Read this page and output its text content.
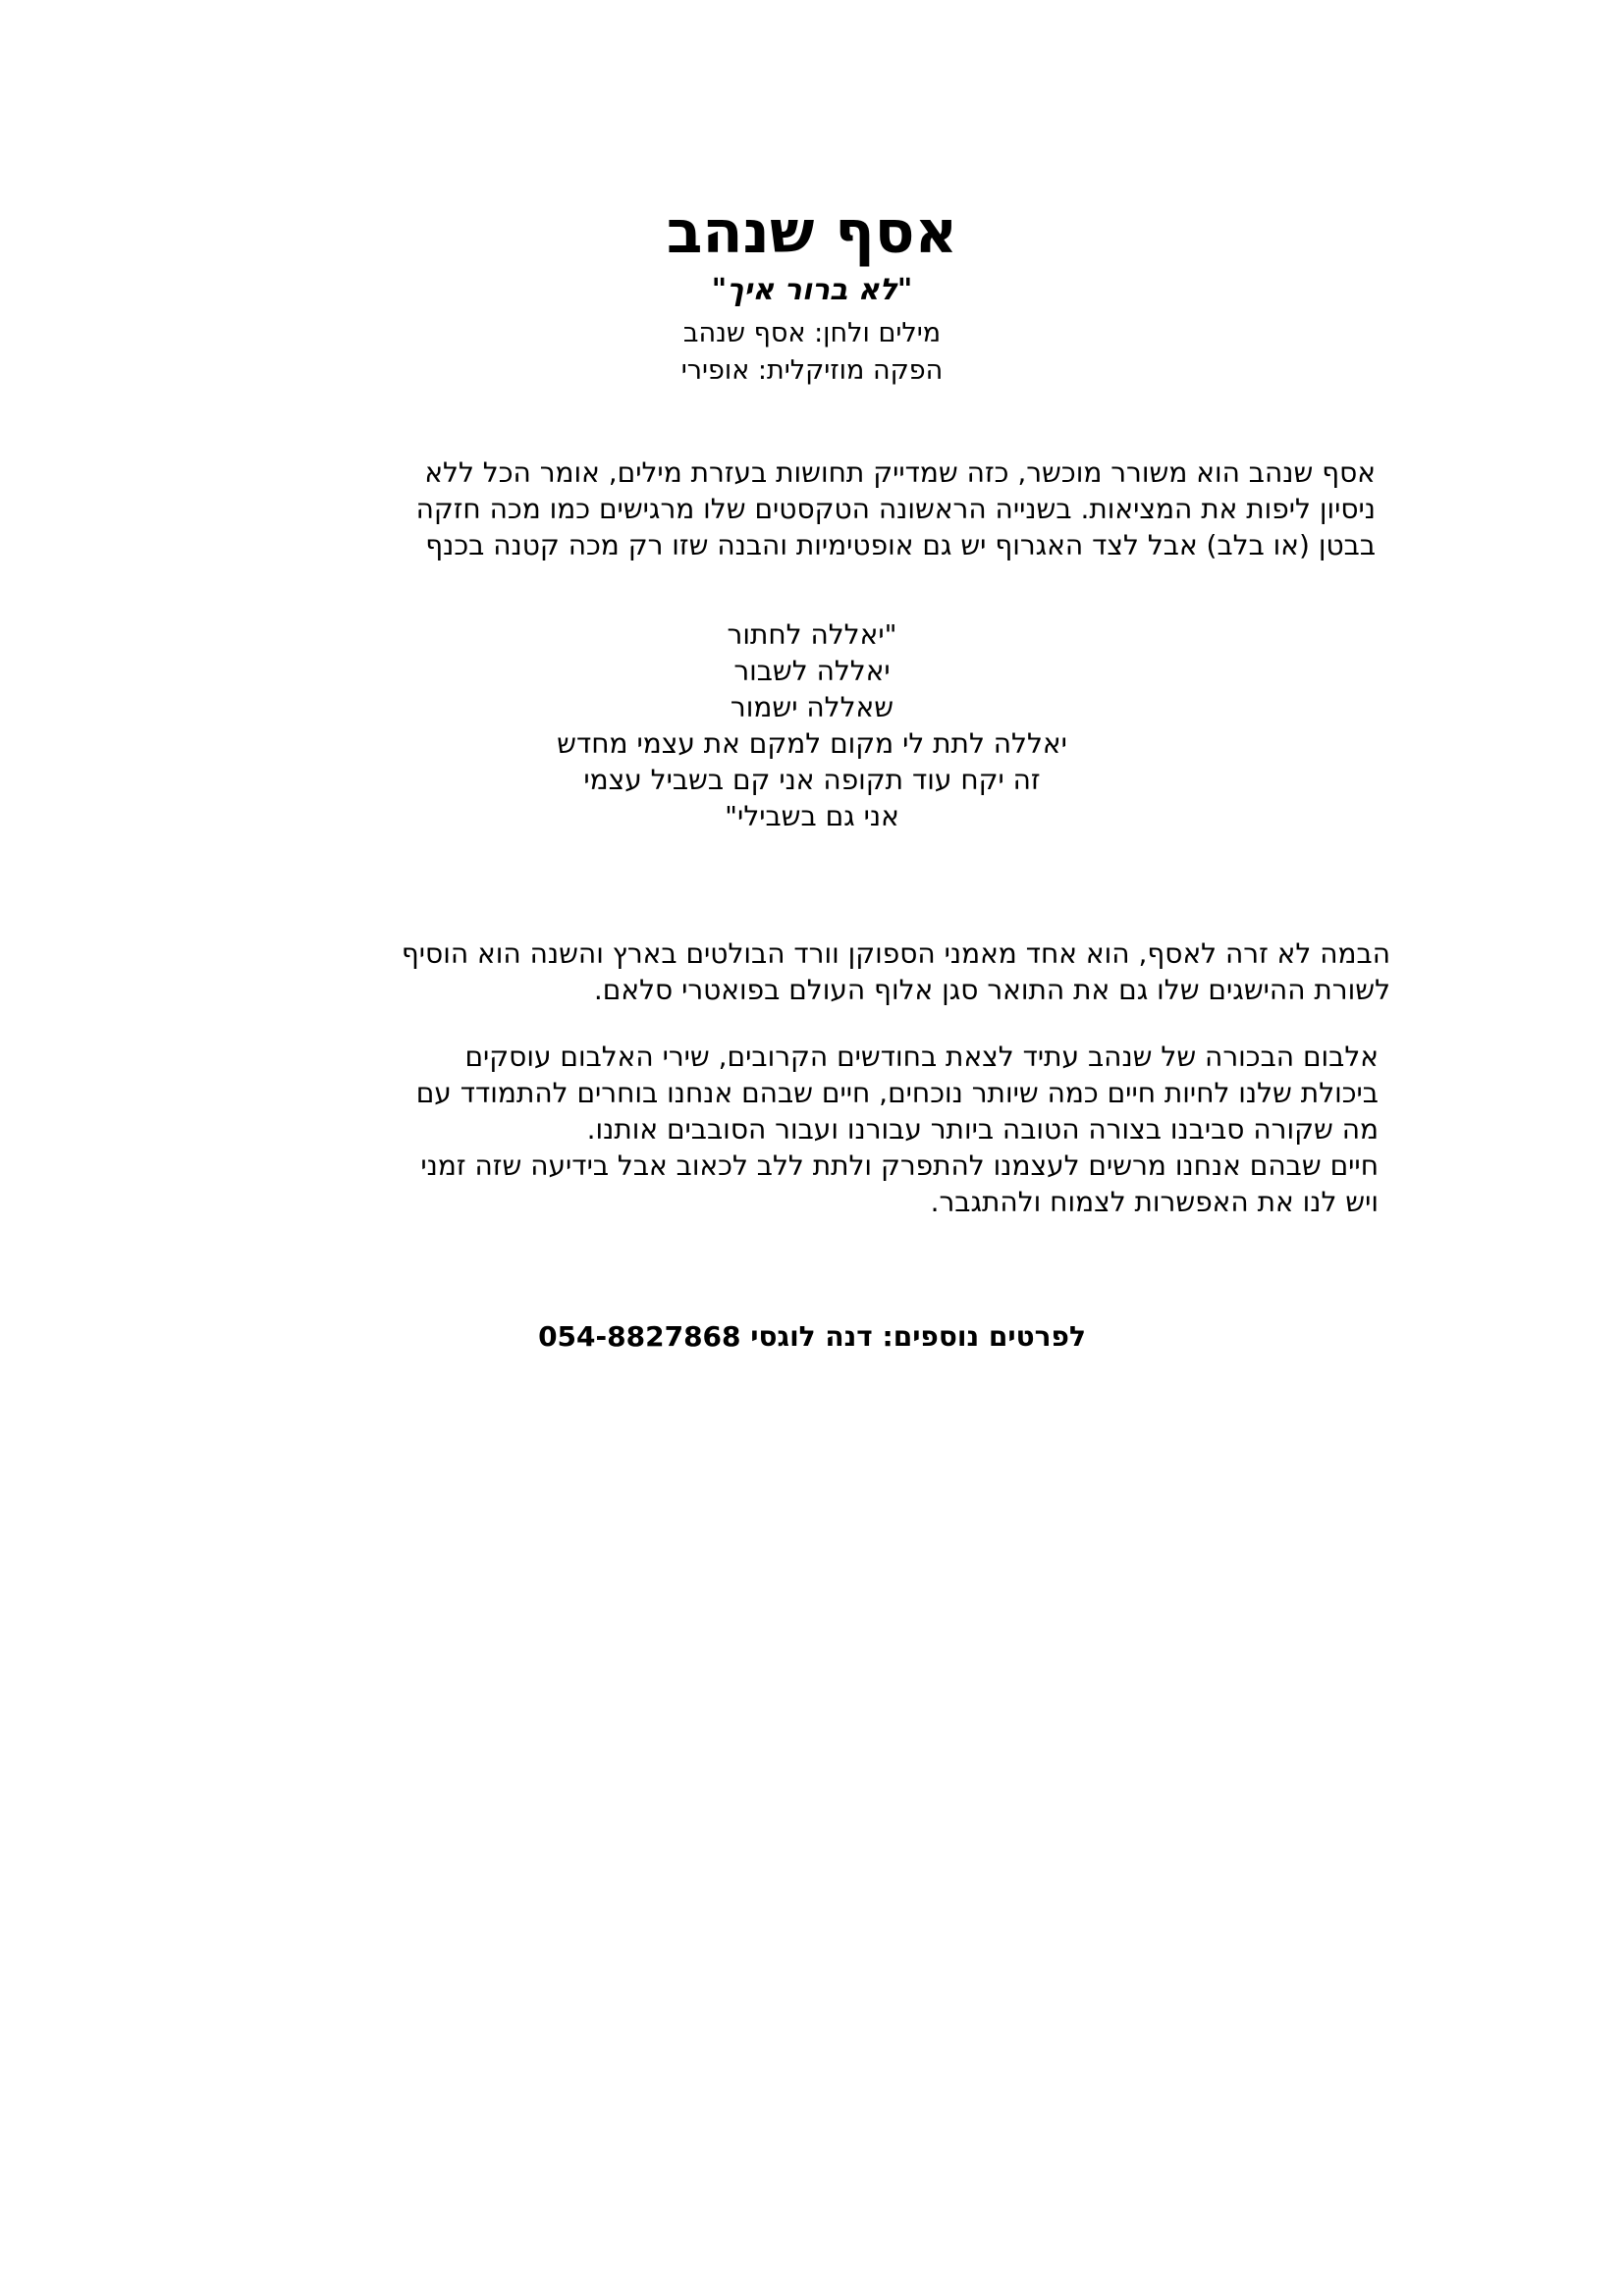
אסף שנהב
"לא ברור איך"
מילים ולחן: אסף שנהב
הפקה מוזיקלית: אופירי

אסף שנהב הוא משורר מוכשר, כזה שמדייק תחושות בעזרת מילים, אומר הכל ללא
ניסיון ליפות את המציאות. בשנייה הראשונה הטקסטים שלו מרגישים כמו מכה חזקה
בבטן (או בלב) אבל לצד האגרוף יש גם אופטימיות והבנה שזו רק מכה קטנה בכנף

"יאללה לחתור
יאללה לשבור
שאללה ישמור
יאללה לתת לי מקום למקם את עצמי מחדש
זה יקח עוד תקופה אני קם בשביל עצמי
אני גם בשבילי"

הבמה לא זרה לאסף, הוא אחד מאמני הספוקן וורד הבולטים בארץ והשנה הוא הוסיף
לשורת ההישגים שלו גם את התואר סגן אלוף העולם בפואטרי סלאם.

אלבום הבכורה של שנהב עתיד לצאת בחודשים הקרובים, שירי האלבום עוסקים
ביכולת שלנו לחיות חיים כמה שיותר נוכחים, חיים שבהם אנחנו בוחרים להתמודד עם
מה שקורה סביבנו בצורה הטובה ביותר עבורנו ועבור הסובבים אותנו.
חיים שבהם אנחנו מרשים לעצמנו להתפרק ולתת ללב לכאוב אבל בידיעה שזה זמני
ויש לנו את האפשרות לצמוח ולהתגבר.

לפרטים נוספים: דנה לוגסי 054-8827868
